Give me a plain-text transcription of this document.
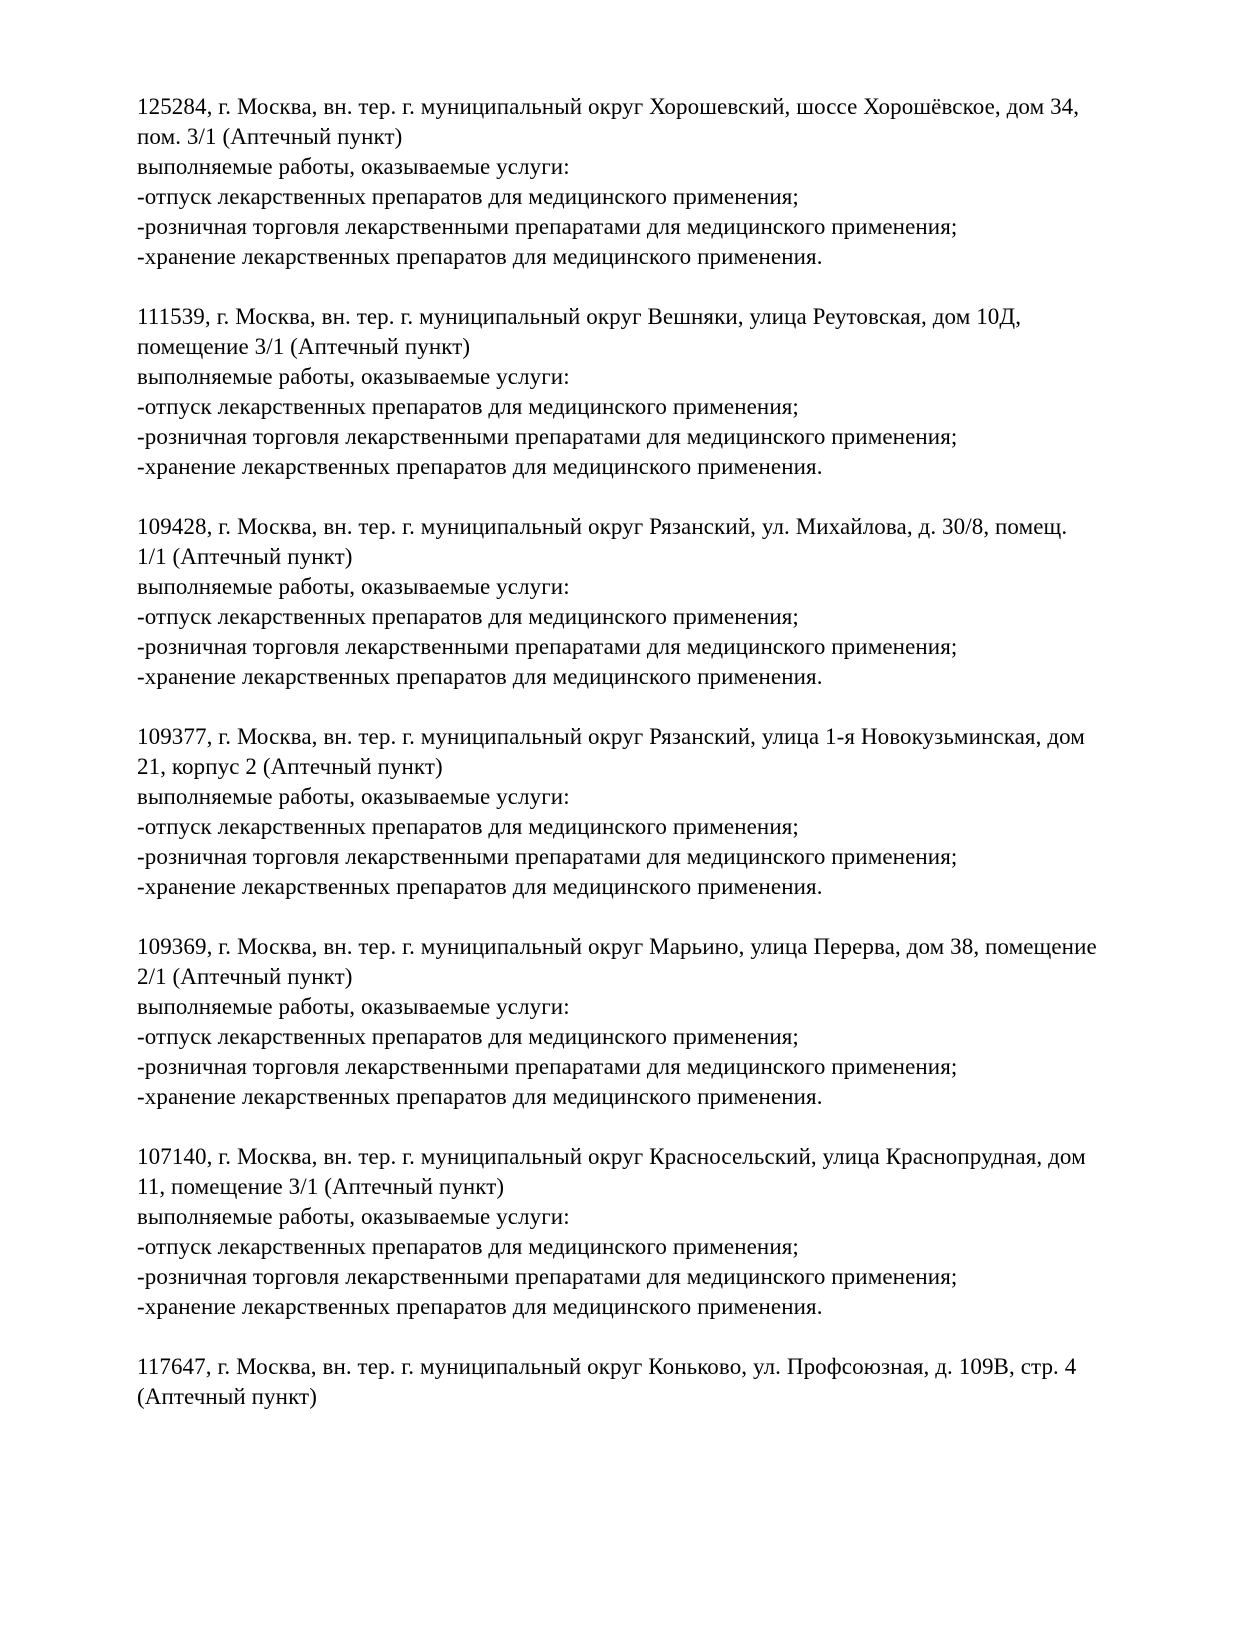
125284, г. Москва, вн. тер. г. муниципальный округ Хорошевский, шоссе Хорошёвское, дом 34,
пом. 3/1 (Аптечный пункт)
выполняемые работы, оказываемые услуги:
-отпуск лекарственных препаратов для медицинского применения;
-розничная торговля лекарственными препаратами для медицинского применения;
-хранение лекарственных препаратов для медицинского применения.
111539, г. Москва, вн. тер. г. муниципальный округ Вешняки, улица Реутовская, дом 10Д,
помещение 3/1 (Аптечный пункт)
выполняемые работы, оказываемые услуги:
-отпуск лекарственных препаратов для медицинского применения;
-розничная торговля лекарственными препаратами для медицинского применения;
-хранение лекарственных препаратов для медицинского применения.
109428, г. Москва, вн. тер. г. муниципальный округ Рязанский, ул. Михайлова, д. 30/8, помещ.
1/1 (Аптечный пункт)
выполняемые работы, оказываемые услуги:
-отпуск лекарственных препаратов для медицинского применения;
-розничная торговля лекарственными препаратами для медицинского применения;
-хранение лекарственных препаратов для медицинского применения.
109377, г. Москва, вн. тер. г. муниципальный округ Рязанский, улица 1-я Новокузьминская, дом
21, корпус 2 (Аптечный пункт)
выполняемые работы, оказываемые услуги:
-отпуск лекарственных препаратов для медицинского применения;
-розничная торговля лекарственными препаратами для медицинского применения;
-хранение лекарственных препаратов для медицинского применения.
109369, г. Москва, вн. тер. г. муниципальный округ Марьино, улица Перерва, дом 38, помещение
2/1 (Аптечный пункт)
выполняемые работы, оказываемые услуги:
-отпуск лекарственных препаратов для медицинского применения;
-розничная торговля лекарственными препаратами для медицинского применения;
-хранение лекарственных препаратов для медицинского применения.
107140, г. Москва, вн. тер. г. муниципальный округ Красносельский, улица Краснопрудная, дом
11, помещение 3/1 (Аптечный пункт)
выполняемые работы, оказываемые услуги:
-отпуск лекарственных препаратов для медицинского применения;
-розничная торговля лекарственными препаратами для медицинского применения;
-хранение лекарственных препаратов для медицинского применения.
117647, г. Москва, вн. тер. г. муниципальный округ Коньково, ул. Профсоюзная, д. 109В, стр. 4
(Аптечный пункт)
